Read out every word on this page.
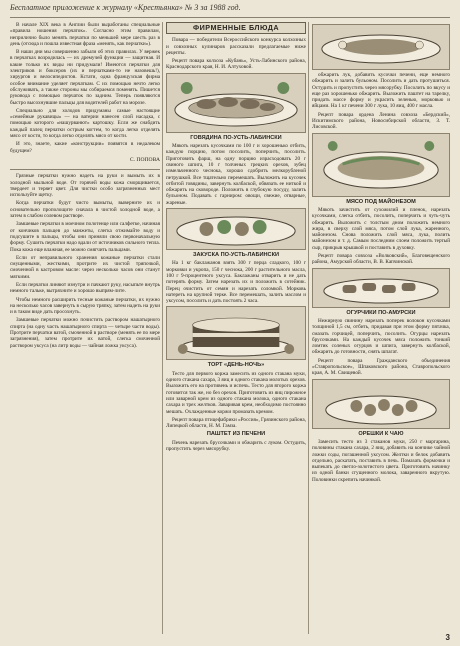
Бесплатное приложение к журналу «Крестьянка» № 3 за 1988 год.

В начале XIX века в Англии были выработаны специальные «правила ношения перчаток». Согласно этим правилам, неприлично было менять перчатки по меньшей мере шесть раз в день (отсюда и пошла известная фраза «менять, как перчатки»).

В наши дни мы совершенно забыли об этих правилах. У вержек в перчатках возродилась — их дремучей функции — защитная. И какие только их виды ни придумали! Имеются перчатки для электриков и боксеров (их и перчатками-то не назовешь!), хирургов и велосипедистов. Кстати, одна французская фирма особое внимание уделяет перчаткам. С их помощью нечто легко обслуживать, а также стороны мы собираемся поменять. Пишется руковода с помощью перчаток по задним. Теперь появляются быстро высохнувшие пальцы для водителей работ на морозе.

Специально для холодов придуманы самые настоящие «семейные рукавицы» — на ватерии нанесен слой насадка, с помощью которого «нашурванют» картошку. Если же снабдить каждый палец перчатки острым когтем, то когда легко отделять мясо от кости, то когда легко отделять мясо от кости.

И это, знаете, какие «конструкции» появятся в недалеком будущем?

С. ПОПОВА

Грязные перчатки нужно надеть на руки и вымыть их в холодной мыльной воде. От горячей воды кожа сморщивается, твердеет и теряет цвет. Для чистки особо загрязненных мест используйте щетку.

Когда перчатки будут чисто вымыты, выверните их и основательно прополощите сначала в чистой холодной воде, а затем в слабом солевом растворе.

Замшевые перчатки в моечном полотенце или салфетке, начиная от кончиков пальцев до манжеты, слегка отжимайте воду и подсушите в пальцы, чтобы они приняли свою первоначальную форму. Сушить перчатки надо вдали от источников сильного тепла. Пока кожа еще влажная, ее можно смягчить пальцами.

Если от неправильного хранения кожаные перчатки стали смущенными, жесткими, протрите их чистой тряпочкой, смоченной в кастровом масле: через несколько часов они станут мягкими.

Если перчатки линяют изнутри и пачкают руку, насыпьте внутрь немного тальке, вытряхните и хорошо выпрям-лите.

Чтобы немного расширить тесные кожаные перчатки, их нужно на несколько часов завернуть в сырую тряпку, затем надеть на руки и в таком виде дать просохнуть.

Замшевые перчатки можно почистить раствором нашатырного спирта (на одну часть нашатырного спирта — четыре части воды). Протрите перчатки ватой, смоченной в растворе (менять ее по мере загрязнения), затем протрите их ватой, слегка смоченной раствором уксуса (на литр воды — чайная ложка уксуса).

ФИРМЕННЫЕ БЛЮДА

Повара — победители Всероссийского конкурса колхозных и совхозных кулинаров рассказали предлагаемые ниже рецепты.

Рецепт повара колхоза «Кубань», Усть-Лабинского района, Краснодарского края, Н. И. Алтуховой.

ГОВЯДИНА ПО-УСТЬ-ЛАБИНСКИ

Мякоть нарезать кусочками по 100 г и хорошенько отбить, каждую порцию, потом посолить, поперчить, посолить. Приготовить фарш, на одну порцию израсходовать 20 г свиного шпига, 10 г толченых грецких орехов, зубец измельченного чеснока, хорошо сдобрить мелкорубленой петрушкой. Все тщательно перемешать. Выложить на кусочек отбитой говядины, завернуть колбаской, обвязать ее ниткой и обжарить на сковороде. Положить в глубокую посуду, залить бульоном. Подавать с гарниром: овощи, свежие, отварные, жареные.

ЗАКУСКА ПО-УСТЬ-ЛАБИНСКИ

На 1 кг баклажанов взять 300 г перца сладкого, 100 г морковки и укропа, 150 г чеснока, 200 г растительного масла, 100 г 9-процентного уксуса. Баклажаны отварить и не дать потерять форму. Затем нарезать их и положить в сотейник. Перец очистить от семян и нарезать соломкой. Морковь натереть на крупной терке. Все перемешать, залить маслом и уксусом, посолить и дать постоять 2 часа.

ТОРТ «ДЕНЬ-НОЧЬ»

Тесто для первого коржа замесить из одного стакана муки, одного стакана сахара, 3 яиц и одного стакана молотых орехов. Выложить его на противень и испечь. Тесто для второго коржа готовится так же, но без орехов. Приготовить из яиц пирожное или заварной крем из одного стакана молока, одного стакана сахара и трех желтков. Заваривая крем, необходимо постоянно мешать. Охлажденные коржи промазать кремом.

Рецепт повара птицефабрики «Россия», Грязинского района, Липецкой области, Н. М. Гамза.

ПАШТЕТ ИЗ ПЕЧЕНИ

Печень нарезать брусочками и обжарить с луком. Остудить, пропустить через мясорубку.

обжарить лук, добавить кусочки печени, еще немного обжарить и залить бульоном. Посолить и дать протушиться. Остудить и пропустить через мясорубку. Посолить по вкусу и еще раз хорошенько обжарить. Выложить паштет на тарелку, придать массе форму и украсить зеленью, морковью и яйцами. На 1 кг печени 300 г лука, 10 яиц, 400 г масла.

Рецепт повара ордена Ленина совхоза «Бердский», Искитимского района, Новосибирской области, З. Т. Лисовской.

МЯСО ПОД МАЙОНЕЗОМ

Мякоть зачистить от сухожилий и пленок, нарезать кусочками, слегка отбить, посолить, поперчить и чуть-чуть обжарить. Выложить с толстым дном положить немного жира, в сверху слой мяса, потом слой лука, жаренного, майонезом. Снова положить слой мяса, лука, полить майонезом и т. д. Самым последним слоем положить тертый сыр, прикрыв крышкой и поставить в духовку.

Рецепт повара совхоза «Волковский», Благовещенского района, Амурской области, В. В. Капчинской.

ОГУРЧИКИ ПО-АМУРСКИ

Нежирную свинину нарезать поперек волокон кусочками толщиной 1,5 см, отбить, придавая при этом форму пятачка, смазать горчицей, поперчить, посолить. Огурцы нарезать брусочками. На каждый кусочек мяса положить тонкий ломтик соленых огурцов и шпига, завернуть колбаской, обжарить до готовности, снять шпагат.

Рецепт повара Гражданского объединения «Ставропольское», Шпаковского района, Ставропольского края, А. М. Свищевой.

ОРЕШКИ К ЧАЮ

Замесить тесто из 3 стаканов муки, 250 г маргарина, половины стакана сахара, 2 яиц, добавить на кончике чайной ложки соды, погашенной уксусом. Желтки и белок добавить отдельно, раскатать, поставить в печь. Помазать формочки и выпекать до светло-золотистого цвета. Приготовить начинку из одной банки сгущенного молока, заваренного вкрутую. Половинки скрепить начинкой.

3
